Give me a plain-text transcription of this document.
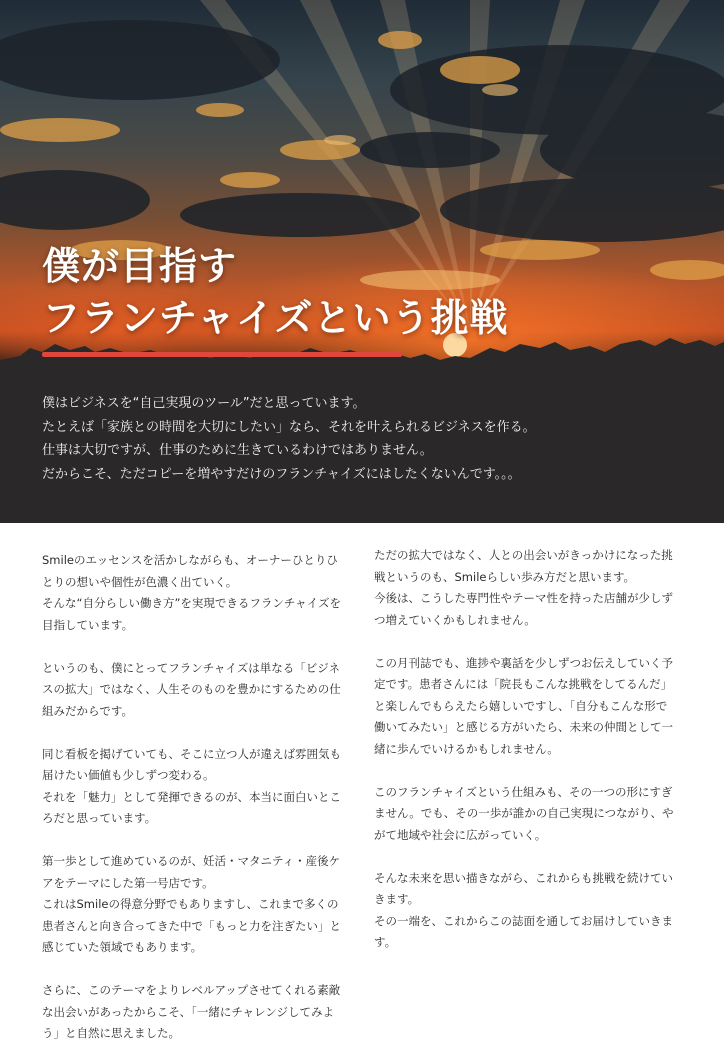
僕が目指す
フランチャイズという挑戦

僕はビジネスを“自己実現のツール”だと思っています。

たとえば「家族との時間を大切にしたい」なら、それを叶えられるビジネスを作る。

仕事は大切ですが、仕事のために生きているわけではありません。

だからこそ、ただコピーを増やすだけのフランチャイズにはしたくないんです。。。

Smileのエッセンスを活かしながらも、オーナーひとりひとりの想いや個性が色濃く出ていく。
そんな“自分らしい働き方”を実現できるフランチャイズを目指しています。

というのも、僕にとってフランチャイズは単なる「ビジネスの拡大」ではなく、人生そのものを豊かにするための仕組みだからです。

同じ看板を掲げていても、そこに立つ人が違えば雰囲気も届けたい価値も少しずつ変わる。
それを「魅力」として発揮できるのが、本当に面白いところだと思っています。

第一歩として進めているのが、妊活・マタニティ・産後ケアをテーマにした第一号店です。
これはSmileの得意分野でもありますし、これまで多くの患者さんと向き合ってきた中で「もっと力を注ぎたい」と感じていた領域でもあります。

さらに、このテーマをよりレベルアップさせてくれる素敵な出会いがあったからこそ、「一緒にチャレンジしてみよう」と自然に思えました。

ただの拡大ではなく、人との出会いがきっかけになった挑戦というのも、Smileらしい歩み方だと思います。
今後は、こうした専門性やテーマ性を持った店舗が少しずつ増えていくかもしれません。

この月刊誌でも、進捗や裏話を少しずつお伝えしていく予定です。患者さんには「院長もこんな挑戦をしてるんだ」と楽しんでもらえたら嬉しいですし、「自分もこんな形で働いてみたい」と感じる方がいたら、未来の仲間として一緒に歩んでいけるかもしれません。

このフランチャイズという仕組みも、その一つの形にすぎません。でも、その一歩が誰かの自己実現につながり、やがて地域や社会に広がっていく。

そんな未来を思い描きながら、これからも挑戦を続けていきます。
その一端を、これからこの誌面を通してお届けしていきます。
